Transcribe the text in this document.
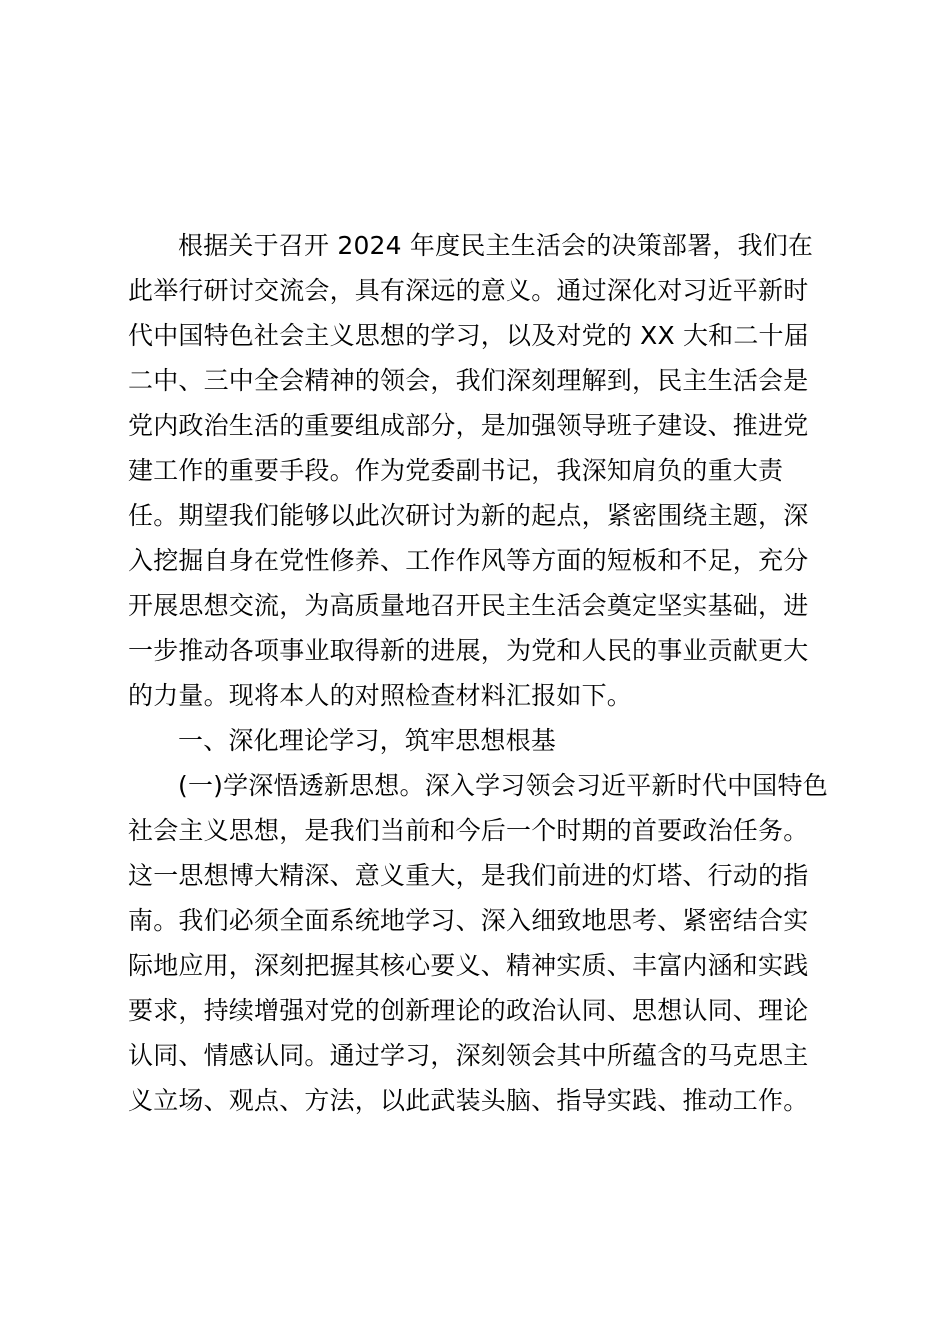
根据关于召开 2024 年度民主生活会的决策部署，我们在
此举行研讨交流会，具有深远的意义。通过深化对习近平新时
代中国特色社会主义思想的学习，以及对党的 XX 大和二十届
二中、三中全会精神的领会，我们深刻理解到，民主生活会是
党内政治生活的重要组成部分，是加强领导班子建设、推进党
建工作的重要手段。作为党委副书记，我深知肩负的重大责
任。期望我们能够以此次研讨为新的起点，紧密围绕主题，深
入挖掘自身在党性修养、工作作风等方面的短板和不足，充分
开展思想交流，为高质量地召开民主生活会奠定坚实基础，进
一步推动各项事业取得新的进展，为党和人民的事业贡献更大
的力量。现将本人的对照检查材料汇报如下。
一、深化理论学习，筑牢思想根基
(一)学深悟透新思想。深入学习领会习近平新时代中国特色
社会主义思想，是我们当前和今后一个时期的首要政治任务。
这一思想博大精深、意义重大，是我们前进的灯塔、行动的指
南。我们必须全面系统地学习、深入细致地思考、紧密结合实
际地应用，深刻把握其核心要义、精神实质、丰富内涵和实践
要求，持续增强对党的创新理论的政治认同、思想认同、理论
认同、情感认同。通过学习，深刻领会其中所蕴含的马克思主
义立场、观点、方法，以此武装头脑、指导实践、推动工作。
